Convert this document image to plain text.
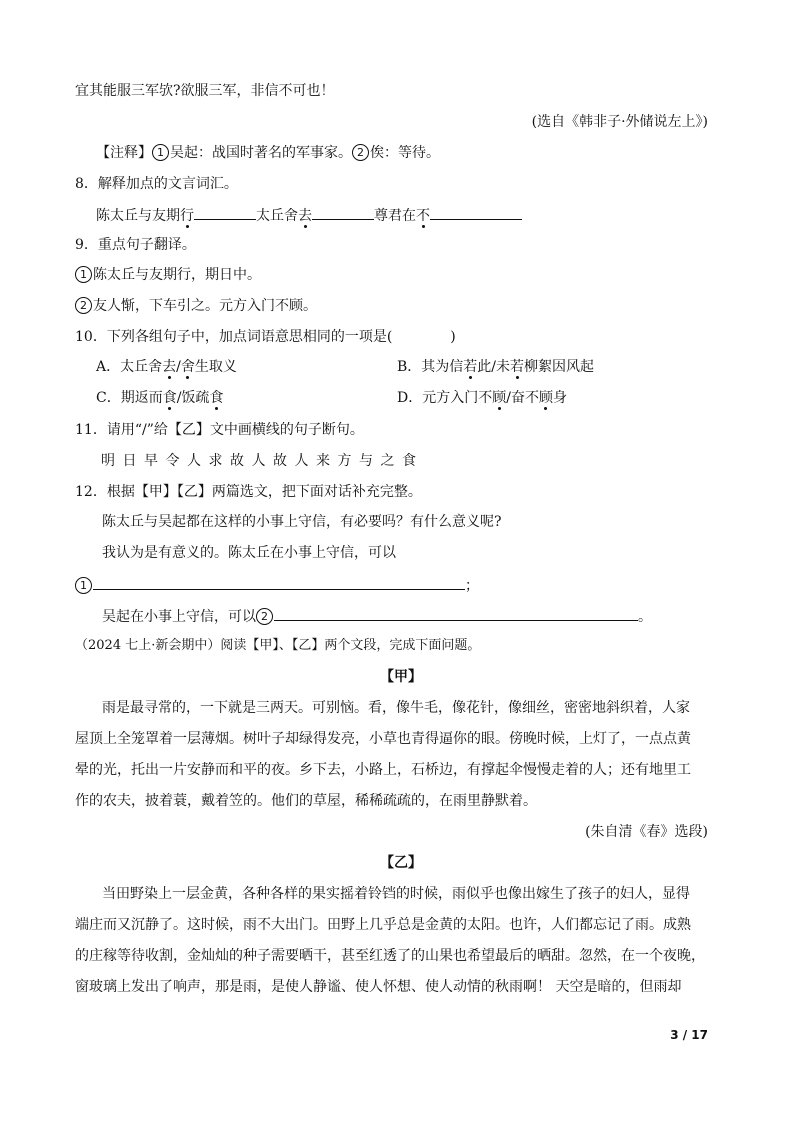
宜其能服三军欤?欲服三军，非信不可也！
(选自《韩非子·外储说左上》)
【注释】 1 吴起：战国时著名的军事家。 2 俟：等待。
8．解释加点的文言词汇。
陈太丘与友期行	太丘舍去	尊君在不
9．重点句子翻译。
1 陈太丘与友期行，期日中。
2 友人惭，下车引之。元方入门不顾。
10．下列各组句子中，加点词语意思相同的一项是(	)
A．太丘舍去/舍生取义	B．其为信若此/未若柳絮因风起
C．期返而食/饭疏食	D．元方入门不顾/奋不顾身
11．请用“/”给【乙】文中画横线的句子断句。
明 日 早 令 人 求 故 人 故 人 来 方 与 之 食
12．根据【甲】【乙】两篇选文，把下面对话补充完整。
陈太丘与吴起都在这样的小事上守信，有必要吗？有什么意义呢?
我认为是有意义的。陈太丘在小事上守信，可以
1	；
吴起在小事上守信，可以 2	。
（2024 七上·新会期中）阅读【甲】、【乙】两个文段，完成下面问题。
【甲】
雨是最寻常的，一下就是三两天。可别恼。看，像牛毛，像花针，像细丝，密密地斜织着，人家
屋顶上全笼罩着一层薄烟。树叶子却绿得发亮，小草也青得逼你的眼。傍晚时候，上灯了，一点点黄
晕的光，托出一片安静而和平的夜。乡下去，小路上，石桥边，有撑起伞慢慢走着的人；还有地里工
作的农夫，披着蓑，戴着笠的。他们的草屋，稀稀疏疏的，在雨里静默着。
(朱自清《春》选段)
【乙】
当田野染上一层金黄，各种各样的果实摇着铃铛的时候，雨似乎也像出嫁生了孩子的妇人，显得
端庄而又沉静了。这时候，雨不大出门。田野上几乎总是金黄的太阳。也许，人们都忘记了雨。成熟
的庄稼等待收割，金灿灿的种子需要晒干，甚至红透了的山果也希望最后的晒甜。忽然，在一个夜晚，
窗玻璃上发出了响声，那是雨，是使人静谧、使人怀想、使人动情的秋雨啊！ 天空是暗的，但雨却
3 / 17
